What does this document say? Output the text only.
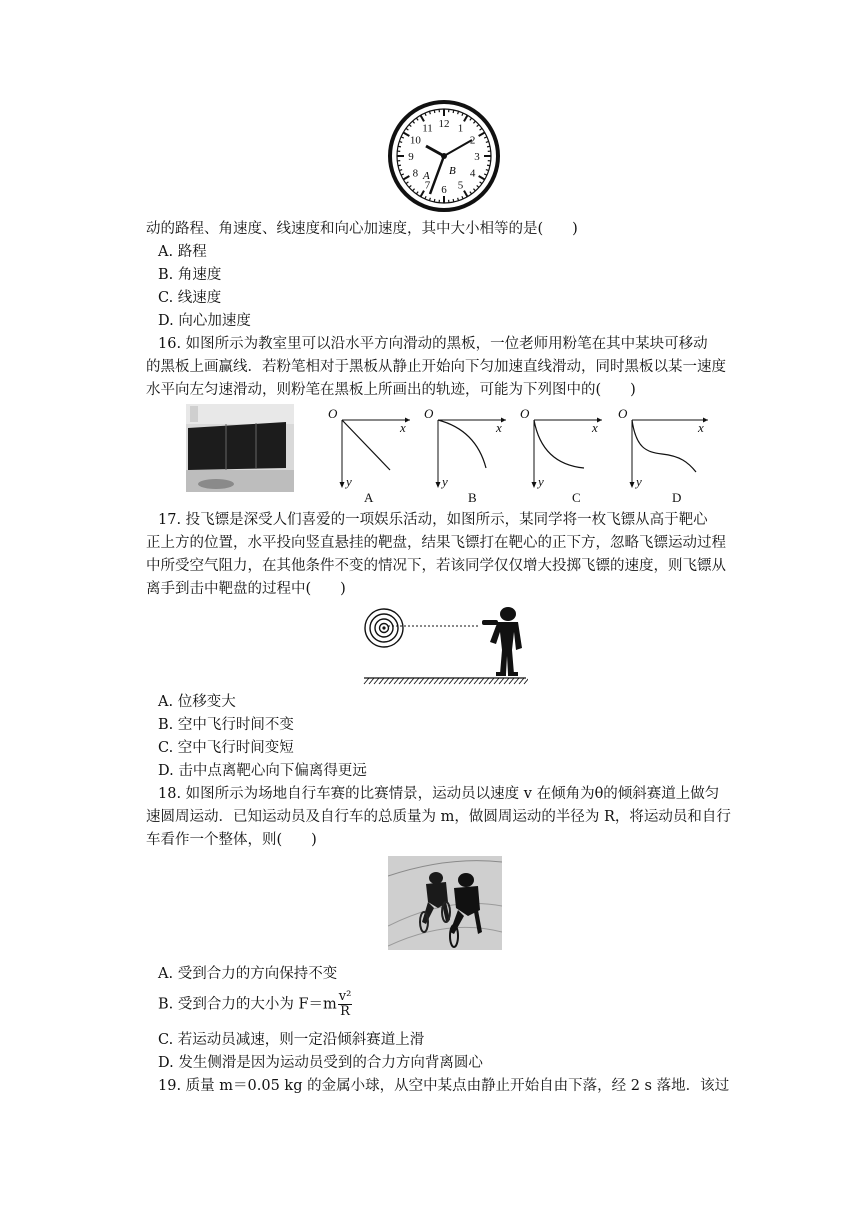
12 1
2
3
4
5
6
7
8
9
10
11
B
A
动的路程、角速度、线速度和向心加速度，其中大小相等的是(　　)
A. 路程
B. 角速度
C. 线速度
D. 向心加速度
16. 如图所示为教室里可以沿水平方向滑动的黑板，一位老师用粉笔在其中某块可移动
的黑板上画赢线．若粉笔相对于黑板从静止开始向下匀加速直线滑动，同时黑板以某一速度
水平向左匀速滑动，则粉笔在黑板上所画出的轨迹，可能为下列图中的(　　)
O
x
y
A
O
x
y
B
O
x
y
C
O
x
y
D
17. 投飞镖是深受人们喜爱的一项娱乐活动，如图所示，某同学将一枚飞镖从高于靶心
正上方的位置，水平投向竖直悬挂的靶盘，结果飞镖打在靶心的正下方，忽略飞镖运动过程
中所受空气阻力，在其他条件不变的情况下，若该同学仅仅增大投掷飞镖的速度，则飞镖从
离手到击中靶盘的过程中(　　)
A. 位移变大
B. 空中飞行时间不变
C. 空中飞行时间变短
D. 击中点离靶心向下偏离得更远
18. 如图所示为场地自行车赛的比赛情景，运动员以速度 v 在倾角为θ的倾斜赛道上做匀
速圆周运动．已知运动员及自行车的总质量为 m，做圆周运动的半径为 R，将运动员和自行
车看作一个整体，则(　　)
A. 受到合力的方向保持不变
B. 受到合力的大小为 $F=m \frac{\text{v²}}{R}$
C. 若运动员减速，则一定沿倾斜赛道上滑
D. 发生侧滑是因为运动员受到的合力方向背离圆心
19. 质量 m＝0.05 kg 的金属小球，从空中某点由静止开始自由下落，经 2 s 落地．该过
